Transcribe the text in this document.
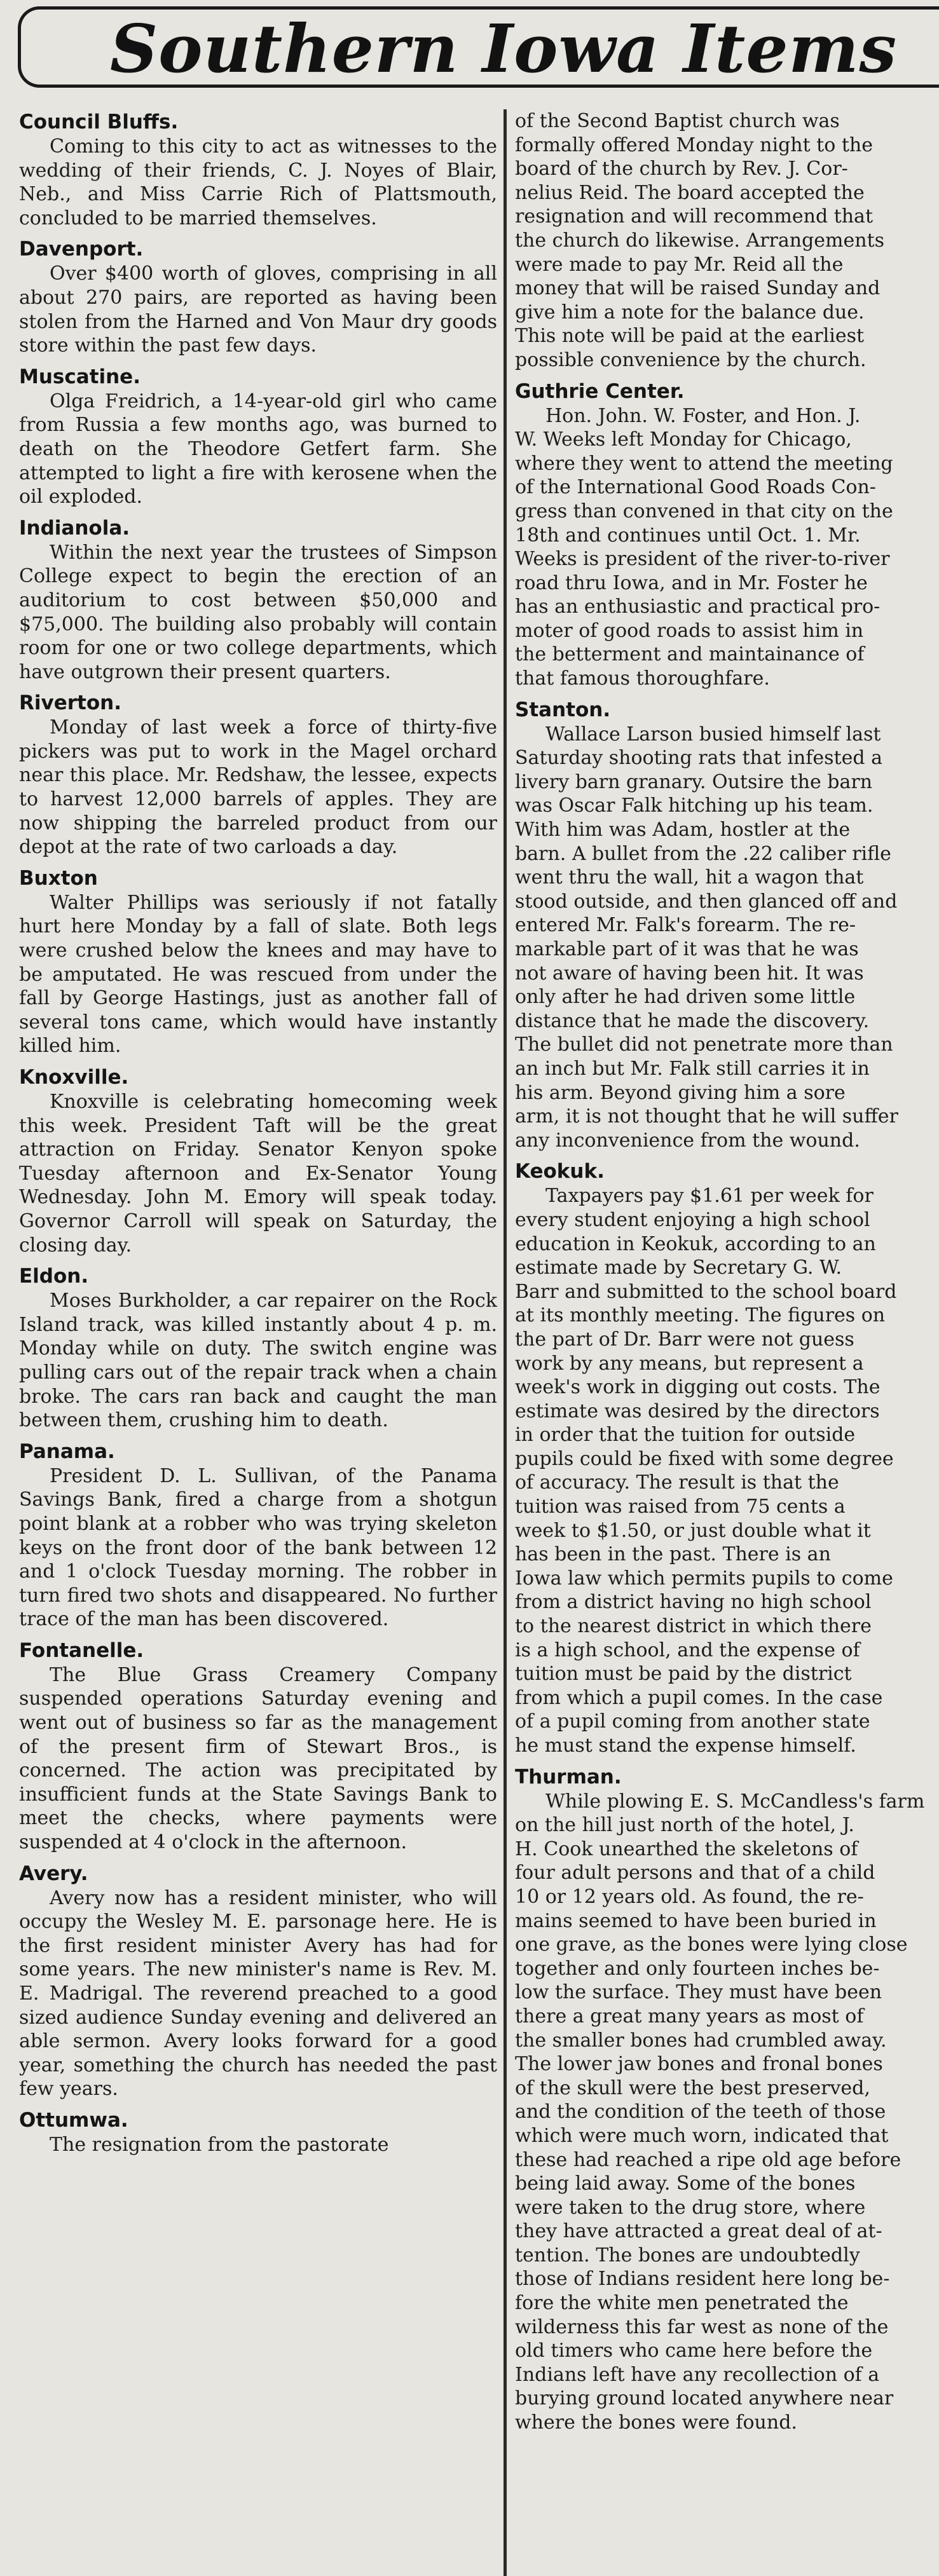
Southern Iowa Items
Council Bluffs.

Coming to this city to act as witnesses to the wedding of their friends, C. J. Noyes of Blair, Neb., and Miss Carrie Rich of Plattsmouth, concluded to be married themselves.

Davenport.

Over $400 worth of gloves, comprising in all about 270 pairs, are reported as having been stolen from the Harned and Von Maur dry goods store within the past few days.

Muscatine.

Olga Freidrich, a 14-year-old girl who came from Russia a few months ago, was burned to death on the Theodore Getfert farm. She attempted to light a fire with kerosene when the oil exploded.

Indianola.

Within the next year the trustees of Simpson College expect to begin the erection of an auditorium to cost between $50,000 and $75,000. The building also probably will contain room for one or two college departments, which have outgrown their present quarters.

Riverton.

Monday of last week a force of thirty-five pickers was put to work in the Magel orchard near this place. Mr. Redshaw, the lessee, expects to harvest 12,000 barrels of apples. They are now shipping the barreled product from our depot at the rate of two carloads a day.

Buxton

Walter Phillips was seriously if not fatally hurt here Monday by a fall of slate. Both legs were crushed below the knees and may have to be amputated. He was rescued from under the fall by George Hastings, just as another fall of several tons came, which would have instantly killed him.

Knoxville.

Knoxville is celebrating homecoming week this week. President Taft will be the great attraction on Friday. Senator Kenyon spoke Tuesday afternoon and Ex-Senator Young Wednesday. John M. Emory will speak today. Governor Carroll will speak on Saturday, the closing day.

Eldon.

Moses Burkholder, a car repairer on the Rock Island track, was killed instantly about 4 p. m. Monday while on duty. The switch engine was pulling cars out of the repair track when a chain broke. The cars ran back and caught the man between them, crushing him to death.

Panama.

President D. L. Sullivan, of the Panama Savings Bank, fired a charge from a shotgun point blank at a robber who was trying skeleton keys on the front door of the bank between 12 and 1 o'clock Tuesday morning. The robber in turn fired two shots and disappeared. No further trace of the man has been discovered.

Fontanelle.

The Blue Grass Creamery Company suspended operations Saturday evening and went out of business so far as the management of the present firm of Stewart Bros., is concerned. The action was precipitated by insufficient funds at the State Savings Bank to meet the checks, where payments were suspended at 4 o'clock in the afternoon.

Avery.

Avery now has a resident minister, who will occupy the Wesley M. E. parsonage here. He is the first resident minister Avery has had for some years. The new minister's name is Rev. M. E. Madrigal. The reverend preached to a good sized audience Sunday evening and delivered an able sermon. Avery looks forward for a good year, something the church has needed the past few years.

Ottumwa.

The resignation from the pastorate

of the Second Baptist church was
formally offered Monday night to the
board of the church by Rev. J. Cor-
nelius Reid. The board accepted the
resignation and will recommend that
the church do likewise. Arrangements
were made to pay Mr. Reid all the
money that will be raised Sunday and
give him a note for the balance due.
This note will be paid at the earliest
possible convenience by the church.
Guthrie Center.
Hon. John. W. Foster, and Hon. J.
W. Weeks left Monday for Chicago,
where they went to attend the meeting
of the International Good Roads Con-
gress than convened in that city on the
18th and continues until Oct. 1. Mr.
Weeks is president of the river-to-river
road thru Iowa, and in Mr. Foster he
has an enthusiastic and practical pro-
moter of good roads to assist him in
the betterment and maintainance of
that famous thoroughfare.
Stanton.
Wallace Larson busied himself last
Saturday shooting rats that infested a
livery barn granary. Outsire the barn
was Oscar Falk hitching up his team.
With him was Adam, hostler at the
barn. A bullet from the .22 caliber rifle
went thru the wall, hit a wagon that
stood outside, and then glanced off and
entered Mr. Falk's forearm. The re-
markable part of it was that he was
not aware of having been hit. It was
only after he had driven some little
distance that he made the discovery.
The bullet did not penetrate more than
an inch but Mr. Falk still carries it in
his arm. Beyond giving him a sore
arm, it is not thought that he will suffer
any inconvenience from the wound.
Keokuk.
Taxpayers pay $1.61 per week for
every student enjoying a high school
education in Keokuk, according to an
estimate made by Secretary G. W.
Barr and submitted to the school board
at its monthly meeting. The figures on
the part of Dr. Barr were not guess
work by any means, but represent a
week's work in digging out costs. The
estimate was desired by the directors
in order that the tuition for outside
pupils could be fixed with some degree
of accuracy. The result is that the
tuition was raised from 75 cents a
week to $1.50, or just double what it
has been in the past. There is an
Iowa law which permits pupils to come
from a district having no high school
to the nearest district in which there
is a high school, and the expense of
tuition must be paid by the district
from which a pupil comes. In the case
of a pupil coming from another state
he must stand the expense himself.
Thurman.
While plowing E. S. McCandless's farm
on the hill just north of the hotel, J.
H. Cook unearthed the skeletons of
four adult persons and that of a child
10 or 12 years old. As found, the re-
mains seemed to have been buried in
one grave, as the bones were lying close
together and only fourteen inches be-
low the surface. They must have been
there a great many years as most of
the smaller bones had crumbled away.
The lower jaw bones and fronal bones
of the skull were the best preserved,
and the condition of the teeth of those
which were much worn, indicated that
these had reached a ripe old age before
being laid away. Some of the bones
were taken to the drug store, where
they have attracted a great deal of at-
tention. The bones are undoubtedly
those of Indians resident here long be-
fore the white men penetrated the
wilderness this far west as none of the
old timers who came here before the
Indians left have any recollection of a
burying ground located anywhere near
where the bones were found.
